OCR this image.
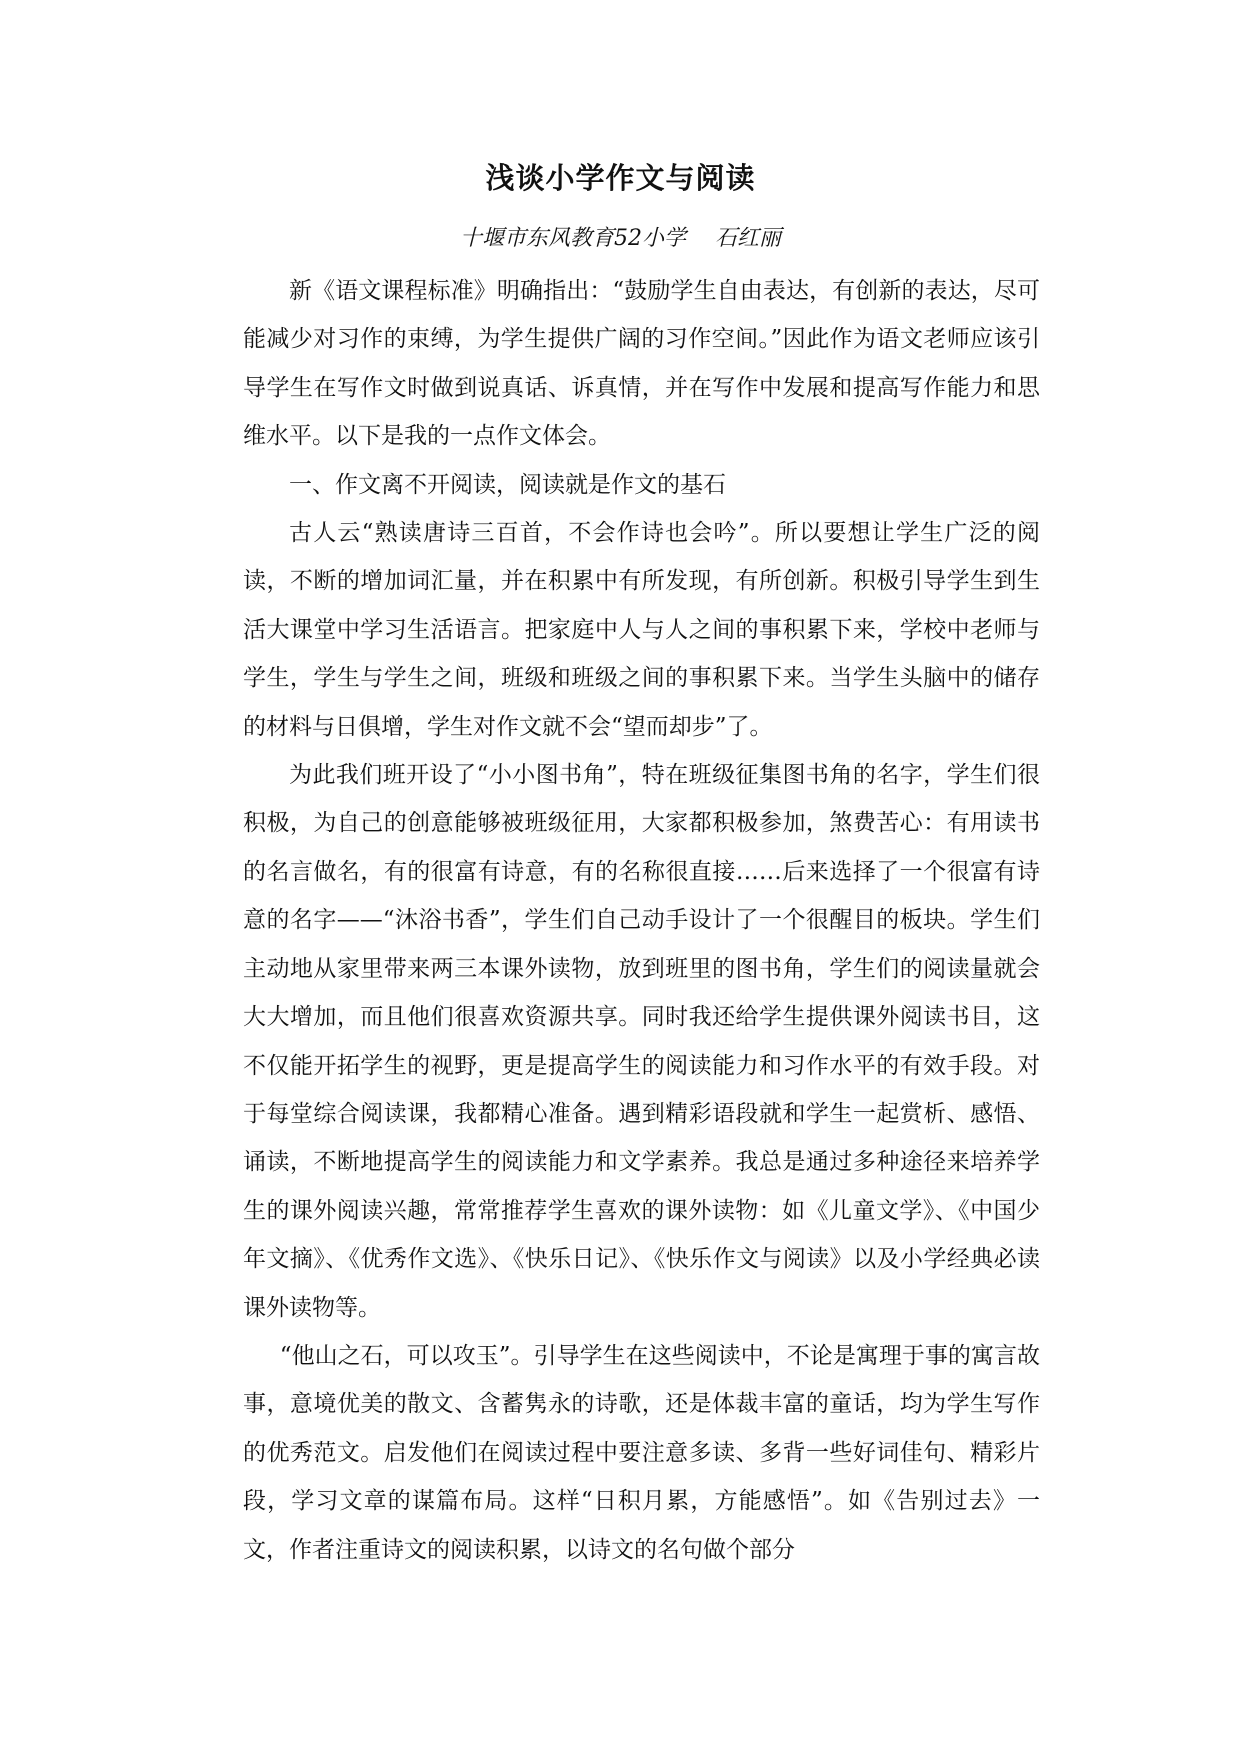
浅谈小学作文与阅读
十堰市东风教育52小学 石红丽

新《语文课程标准》明确指出：“鼓励学生自由表达，有创新的表达，尽可能减少对习作的束缚，为学生提供广阔的习作空间。”因此作为语文老师应该引导学生在写作文时做到说真话、诉真情，并在写作中发展和提高写作能力和思维水平。以下是我的一点作文体会。

一、作文离不开阅读，阅读就是作文的基石

古人云“熟读唐诗三百首，不会作诗也会吟”。所以要想让学生广泛的阅读，不断的增加词汇量，并在积累中有所发现，有所创新。积极引导学生到生活大课堂中学习生活语言。把家庭中人与人之间的事积累下来，学校中老师与学生，学生与学生之间，班级和班级之间的事积累下来。当学生头脑中的储存的材料与日俱增，学生对作文就不会“望而却步”了。

为此我们班开设了“小小图书角”，特在班级征集图书角的名字，学生们很积极，为自己的创意能够被班级征用，大家都积极参加，煞费苦心：有用读书的名言做名，有的很富有诗意，有的名称很直接……后来选择了一个很富有诗意的名字——“沐浴书香”，学生们自己动手设计了一个很醒目的板块。学生们主动地从家里带来两三本课外读物，放到班里的图书角，学生们的阅读量就会大大增加，而且他们很喜欢资源共享。同时我还给学生提供课外阅读书目，这不仅能开拓学生的视野，更是提高学生的阅读能力和习作水平的有效手段。对于每堂综合阅读课，我都精心准备。遇到精彩语段就和学生一起赏析、感悟、诵读，不断地提高学生的阅读能力和文学素养。我总是通过多种途径来培养学生的课外阅读兴趣，常常推荐学生喜欢的课外读物：如《儿童文学》、《中国少年文摘》、《优秀作文选》、《快乐日记》、《快乐作文与阅读》以及小学经典必读课外读物等。

“他山之石，可以攻玉”。引导学生在这些阅读中，不论是寓理于事的寓言故事，意境优美的散文、含蓄隽永的诗歌，还是体裁丰富的童话，均为学生写作的优秀范文。启发他们在阅读过程中要注意多读、多背一些好词佳句、精彩片段，学习文章的谋篇布局。这样“日积月累，方能感悟”。如《告别过去》一文，作者注重诗文的阅读积累，以诗文的名句做个部分
